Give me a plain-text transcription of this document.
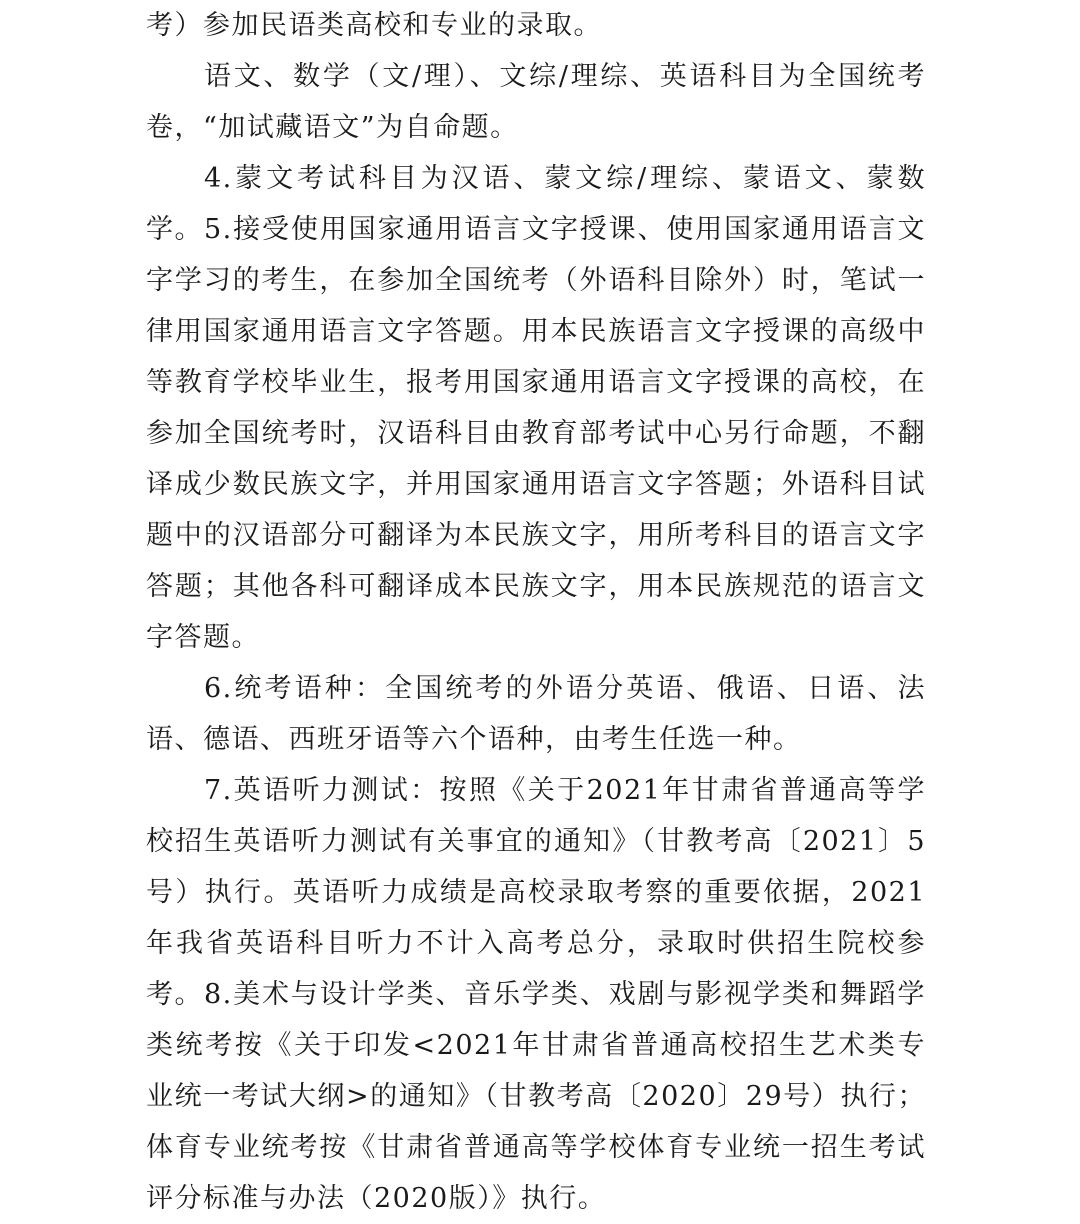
考）参加民语类高校和专业的录取。

语文、数学（文/理）、文综/理综、英语科目为全国统考卷，“加试藏语文”为自命题。

4.蒙文考试科目为汉语、蒙文综/理综、蒙语文、蒙数学。 5.接受使用国家通用语言文字授课、使用国家通用语言文字学习的考生，在参加全国统考（外语科目除外）时，笔试一律用国家通用语言文字答题。用本民族语言文字授课的高级中等教育学校毕业生，报考用国家通用语言文字授课的高校，在参加全国统考时，汉语科目由教育部考试中心另行命题，不翻译成少数民族文字，并用国家通用语言文字答题；外语科目试题中的汉语部分可翻译为本民族文字，用所考科目的语言文字答题；其他各科可翻译成本民族文字，用本民族规范的语言文字答题。

6.统考语种：全国统考的外语分英语、俄语、日语、法语、德语、西班牙语等六个语种，由考生任选一种。

7.英语听力测试：按照《关于2021年甘肃省普通高等学校招生英语听力测试有关事宜的通知》（甘教考高〔2021〕5号）执行。英语听力成绩是高校录取考察的重要依据，2021年我省英语科目听力不计入高考总分，录取时供招生院校参考。 8.美术与设计学类、音乐学类、戏剧与影视学类和舞蹈学类统考按《关于印发<2021年甘肃省普通高校招生艺术类专业统一考试大纲>的通知》（甘教考高〔2020〕29号）执行；体育专业统考按《甘肃省普通高等学校体育专业统一招生考试评分标准与办法（2020版）》执行。
